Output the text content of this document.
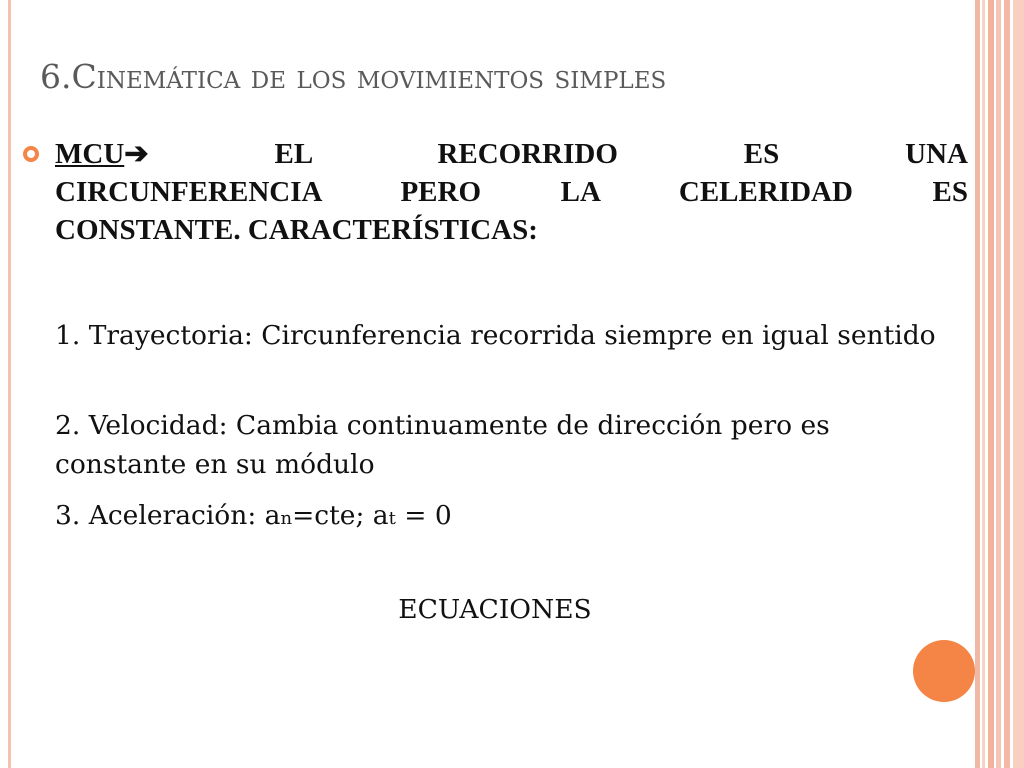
6.Cinemática de los movimientos simples
MCU➔ EL RECORRIDO ES UNA
CIRCUNFERENCIA PERO LA CELERIDAD ES
CONSTANTE. CARACTERÍSTICAS:
1. Trayectoria: Circunferencia recorrida siempre en igual sentido
2. Velocidad: Cambia continuamente de dirección pero es constante en su módulo
3. Aceleración: an=cte; at = 0
ECUACIONES
